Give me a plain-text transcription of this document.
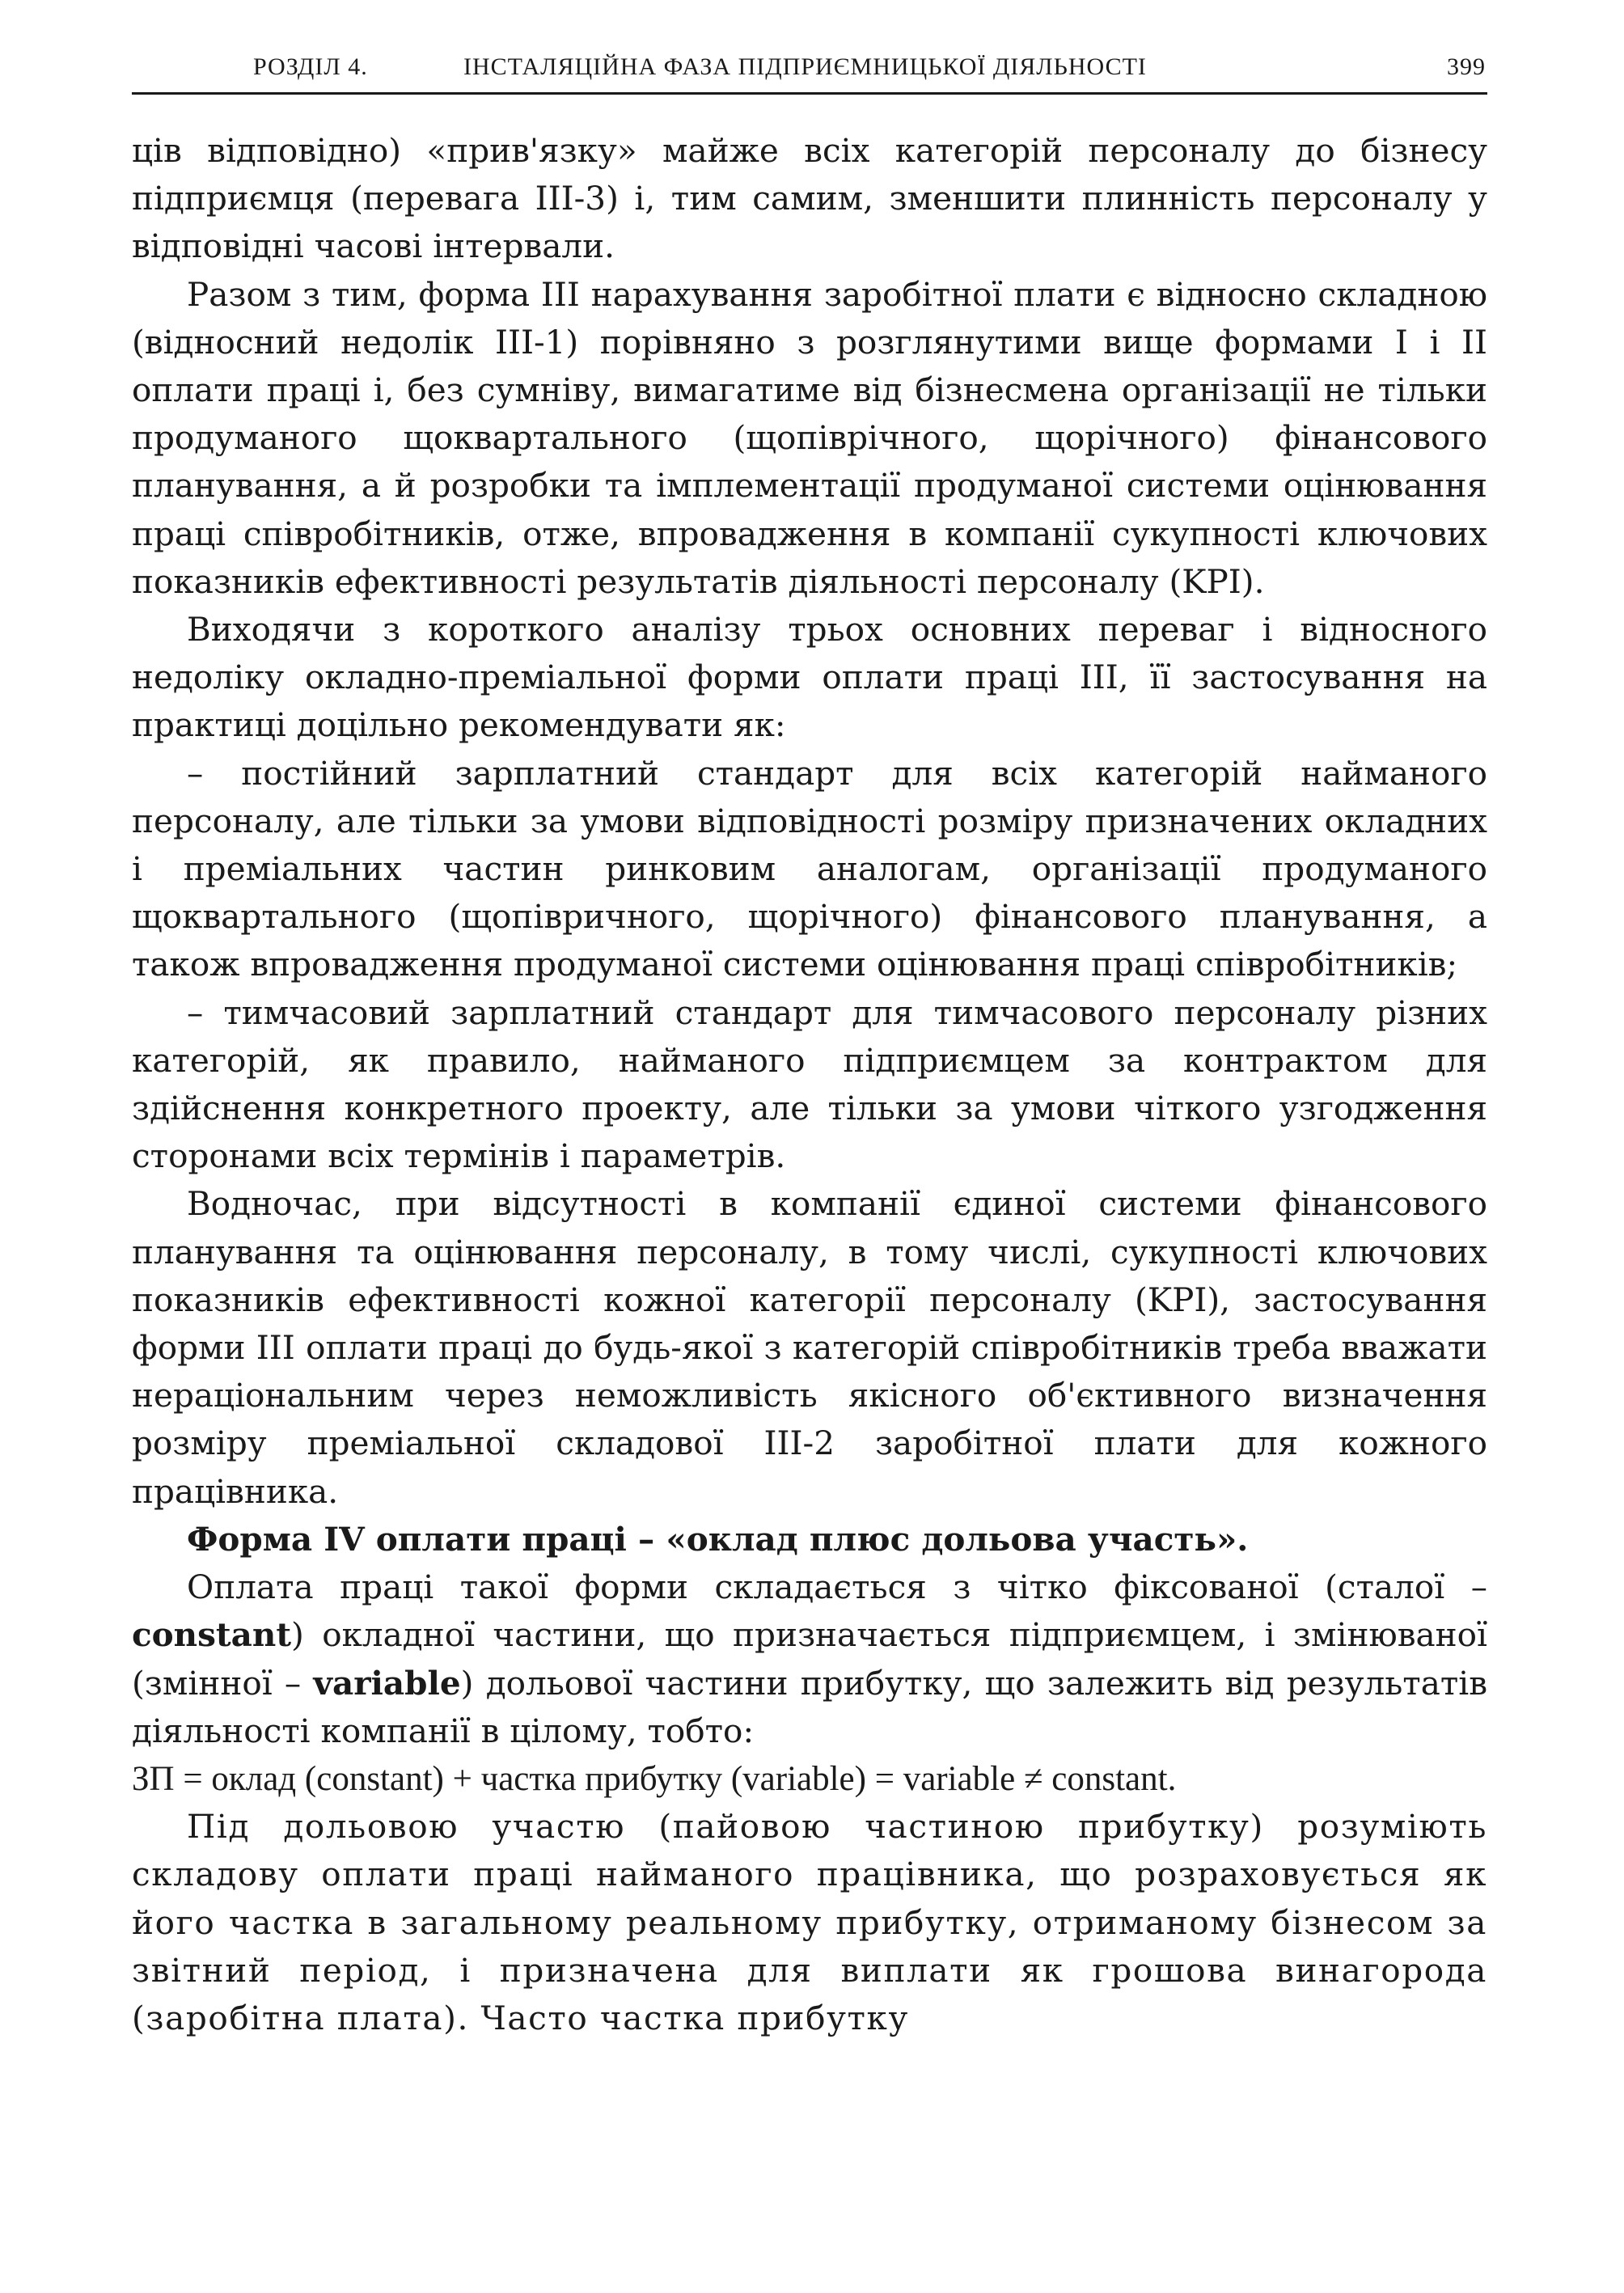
РОЗДІЛ 4.	ІНСТАЛЯЦІЙНА ФАЗА ПІДПРИЄМНИЦЬКОЇ ДІЯЛЬНОСТІ	399

ців відповідно) «прив'язку» майже всіх категорій персоналу до бізнесу підприємця (перевага III-3) і, тим самим, зменшити плинність персоналу у відповідні часові інтервали.

Разом з тим, форма III нарахування заробітної плати є відносно складною (відносний недолік III-1) порівняно з розглянутими вище формами I і II оплати праці і, без сумніву, вимагатиме від бізнесмена організації не тільки продуманого щоквартального (щопіврічного, щорічного) фінансового планування, а й розробки та імплементації продуманої системи оцінювання праці співробітників, отже, впровадження в компанії сукупності ключових показників ефективності результатів діяльності персоналу (KPI).

Виходячи з короткого аналізу трьох основних переваг і відносного недоліку окладно-преміальної форми оплати праці III, її застосування на практиці доцільно рекомендувати як:

– постійний зарплатний стандарт для всіх категорій найманого персоналу, але тільки за умови відповідності розміру призначених окладних і преміальних частин ринковим аналогам, організації продуманого щоквартального (щопівричного, щорічного) фінансового планування, а також впровадження продуманої системи оцінювання праці співробітників;

– тимчасовий зарплатний стандарт для тимчасового персоналу різних категорій, як правило, найманого підприємцем за контрактом для здійснення конкретного проекту, але тільки за умови чіткого узгодження сторонами всіх термінів і параметрів.

Водночас, при відсутності в компанії єдиної системи фінансового планування та оцінювання персоналу, в тому числі, сукупності ключових показників ефективності кожної категорії персоналу (KPI), застосування форми III оплати праці до будь-якої з категорій співробітників треба вважати нераціональним через неможливість якісного об'єктивного визначення розміру преміальної складової III-2 заробітної плати для кожного працівника.

Форма IV оплати праці – «оклад плюс дольова участь».

Оплата праці такої форми складається з чітко фіксованої (сталої – constant) окладної частини, що призначається підприємцем, і змінюваної (змінної – variable) дольової частини прибутку, що залежить від результатів діяльності компанії в цілому, тобто:

ЗП = оклад (constant) + частка прибутку (variable) = variable ≠ constant.

Під дольовою участю (пайовою частиною прибутку) розуміють складову оплати праці найманого працівника, що розраховується як його частка в загальному реальному прибутку, отриманому бізнесом за звітний період, і призначена для виплати як грошова винагорода (заробітна плата). Часто частка прибутку
